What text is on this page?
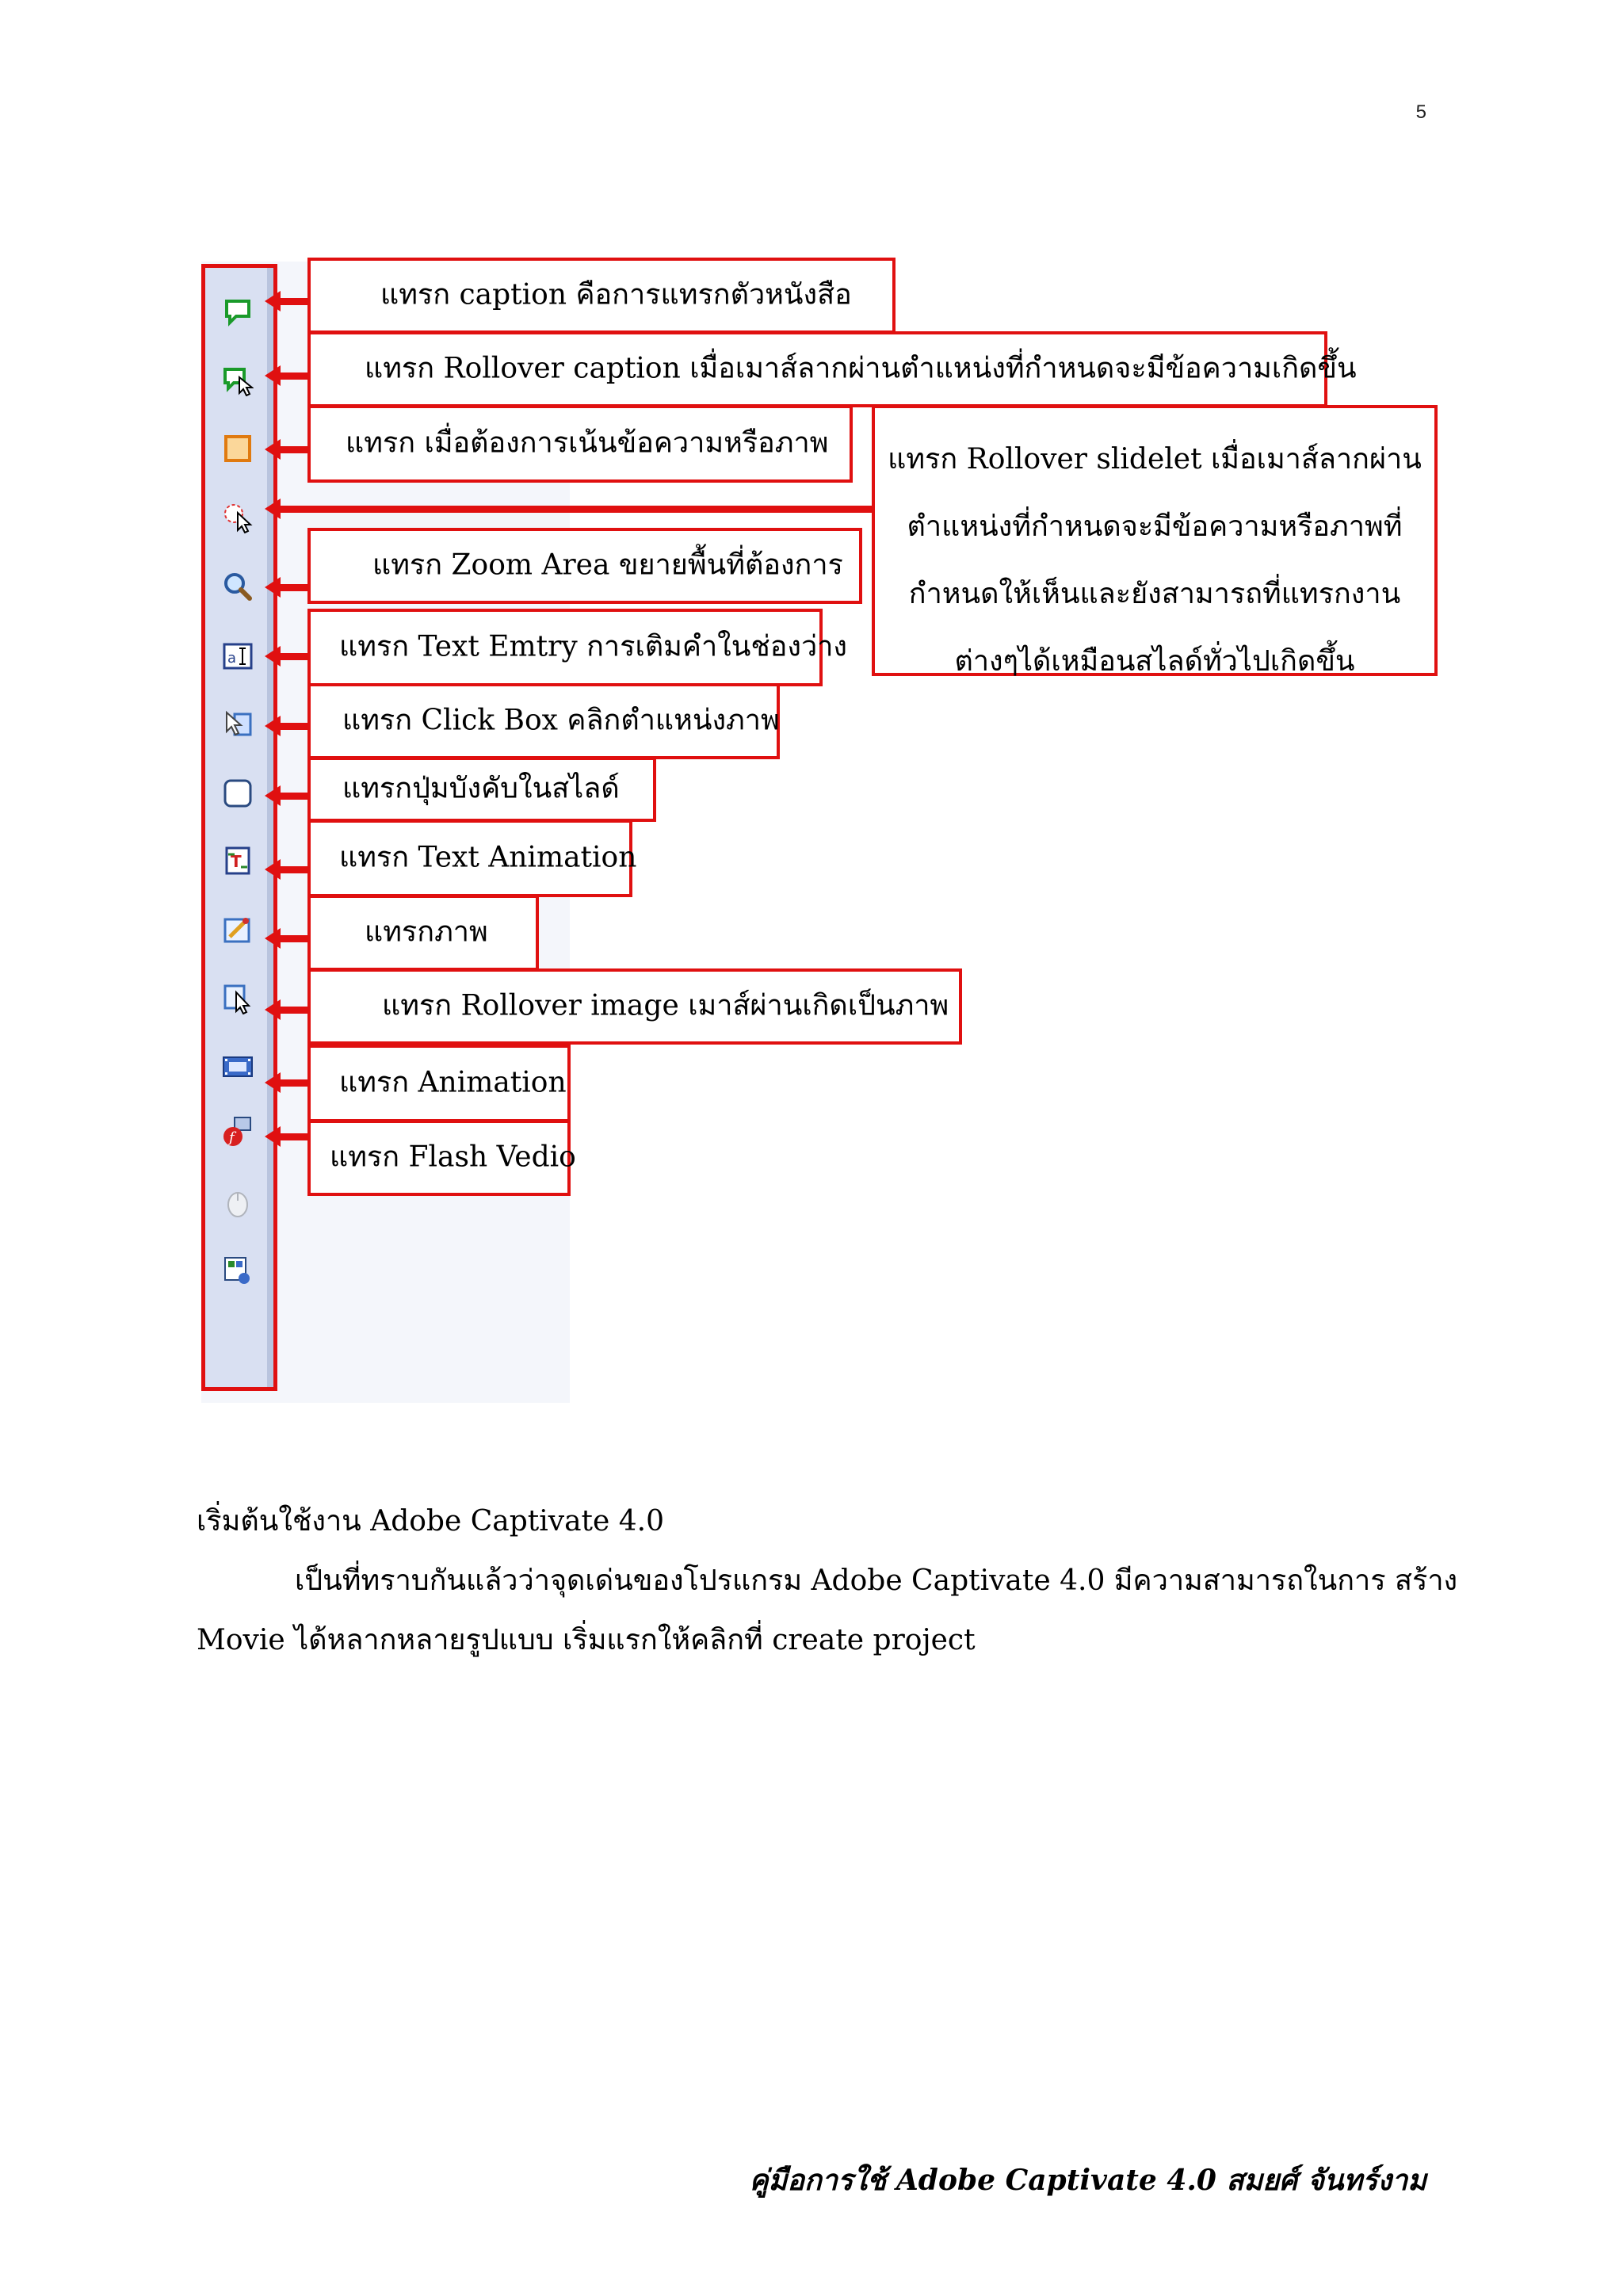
5
a
T
f
แทรก caption คือการแทรกตัวหนังสือ
แทรก Rollover caption เมื่อเมาส์ลากผ่านตำแหน่งที่กำหนดจะมีข้อความเกิดขึ้น
แทรก เมื่อต้องการเน้นข้อความหรือภาพ	แทรก Rollover slidelet เมื่อเมาส์ลากผ่าน
ตำแหน่งที่กำหนดจะมีข้อความหรือภาพที่
กำหนดให้เห็นและยังสามารถที่แทรกงาน
ต่างๆได้เหมือนสไลด์ทั่วไปเกิดขึ้น
แทรก Zoom Area ขยายพื้นที่ต้องการ
แทรก Text Emtry การเติมคำในช่องว่าง
แทรก Click Box คลิกตำแหน่งภาพ
แทรกปุ่มบังคับในสไลด์
แทรก Text Animation
แทรกภาพ
แทรก Rollover image เมาส์ผ่านเกิดเป็นภาพ
แทรก Animation
แทรก Flash Vedio
เริ่มต้นใช้งาน Adobe Captivate 4.0
เป็นที่ทราบกันแล้วว่าจุดเด่นของโปรแกรม Adobe Captivate 4.0 มีความสามารถในการ สร้าง
Movie ได้หลากหลายรูปแบบ เริ่มแรกให้คลิกที่ create project
คู่มือการใช้ Adobe Captivate 4.0 สมยศ์ จันทร์งาม
